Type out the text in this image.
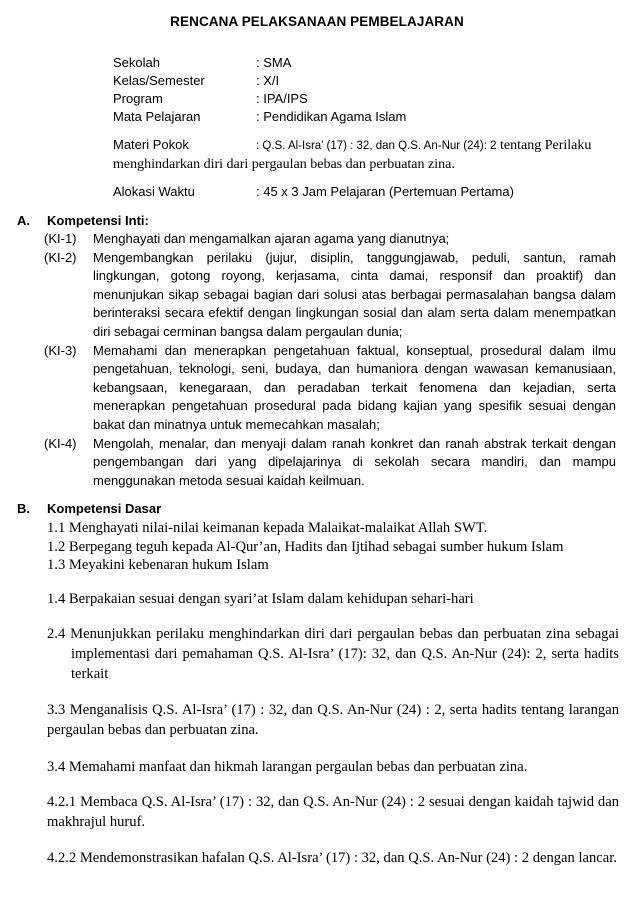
RENCANA PELAKSANAAN PEMBELAJARAN
Sekolah	: SMA
Kelas/Semester	: X/I
Program	: IPA/IPS
Mata Pelajaran	: Pendidikan Agama Islam
Materi Pokok	: Q.S. Al-Isra’ (17) : 32, dan Q.S. An-Nur (24): 2 tentang Perilaku menghindarkan diri dari pergaulan bebas dan perbuatan zina.
Alokasi Waktu	: 45 x 3 Jam Pelajaran (Pertemuan Pertama)
A. Kompetensi Inti:
(KI-1)	Menghayati dan mengamalkan ajaran agama yang dianutnya;
(KI-2)	Mengembangkan perilaku (jujur, disiplin, tanggungjawab, peduli, santun, ramah lingkungan, gotong royong, kerjasama, cinta damai, responsif dan proaktif) dan menunjukan sikap sebagai bagian dari solusi atas berbagai permasalahan bangsa dalam berinteraksi secara efektif dengan lingkungan sosial dan alam serta dalam menempatkan diri sebagai cerminan bangsa dalam pergaulan dunia;
(KI-3)	Memahami dan menerapkan pengetahuan faktual, konseptual, prosedural dalam ilmu pengetahuan, teknologi, seni, budaya, dan humaniora dengan wawasan kemanusiaan, kebangsaan, kenegaraan, dan peradaban terkait fenomena dan kejadian, serta menerapkan pengetahuan prosedural pada bidang kajian yang spesifik sesuai dengan bakat dan minatnya untuk memecahkan masalah;
(KI-4)	Mengolah, menalar, dan menyaji dalam ranah konkret dan ranah abstrak terkait dengan pengembangan dari yang dipelajarinya di sekolah secara mandiri, dan mampu menggunakan metoda sesuai kaidah keilmuan.
B. Kompetensi Dasar
1.1 Menghayati nilai-nilai keimanan kepada Malaikat-malaikat Allah SWT.
1.2 Berpegang teguh kepada Al-Qur’an, Hadits dan Ijtihad sebagai sumber hukum Islam
1.3 Meyakini kebenaran hukum Islam
1.4 Berpakaian sesuai dengan syari’at Islam dalam kehidupan sehari-hari
2.4 Menunjukkan perilaku menghindarkan diri dari pergaulan bebas dan perbuatan zina sebagai implementasi dari pemahaman Q.S. Al-Isra’ (17): 32, dan Q.S. An-Nur (24): 2, serta hadits terkait
3.3 Menganalisis Q.S. Al-Isra’ (17) : 32, dan Q.S. An-Nur (24) : 2, serta hadits tentang larangan pergaulan bebas dan perbuatan zina.
3.4 Memahami manfaat dan hikmah larangan pergaulan bebas dan perbuatan zina.
4.2.1 Membaca Q.S. Al-Isra’ (17) : 32, dan Q.S. An-Nur (24) : 2 sesuai dengan kaidah tajwid dan makhrajul huruf.
4.2.2 Mendemonstrasikan hafalan Q.S. Al-Isra’ (17) : 32, dan Q.S. An-Nur (24) : 2 dengan lancar.
